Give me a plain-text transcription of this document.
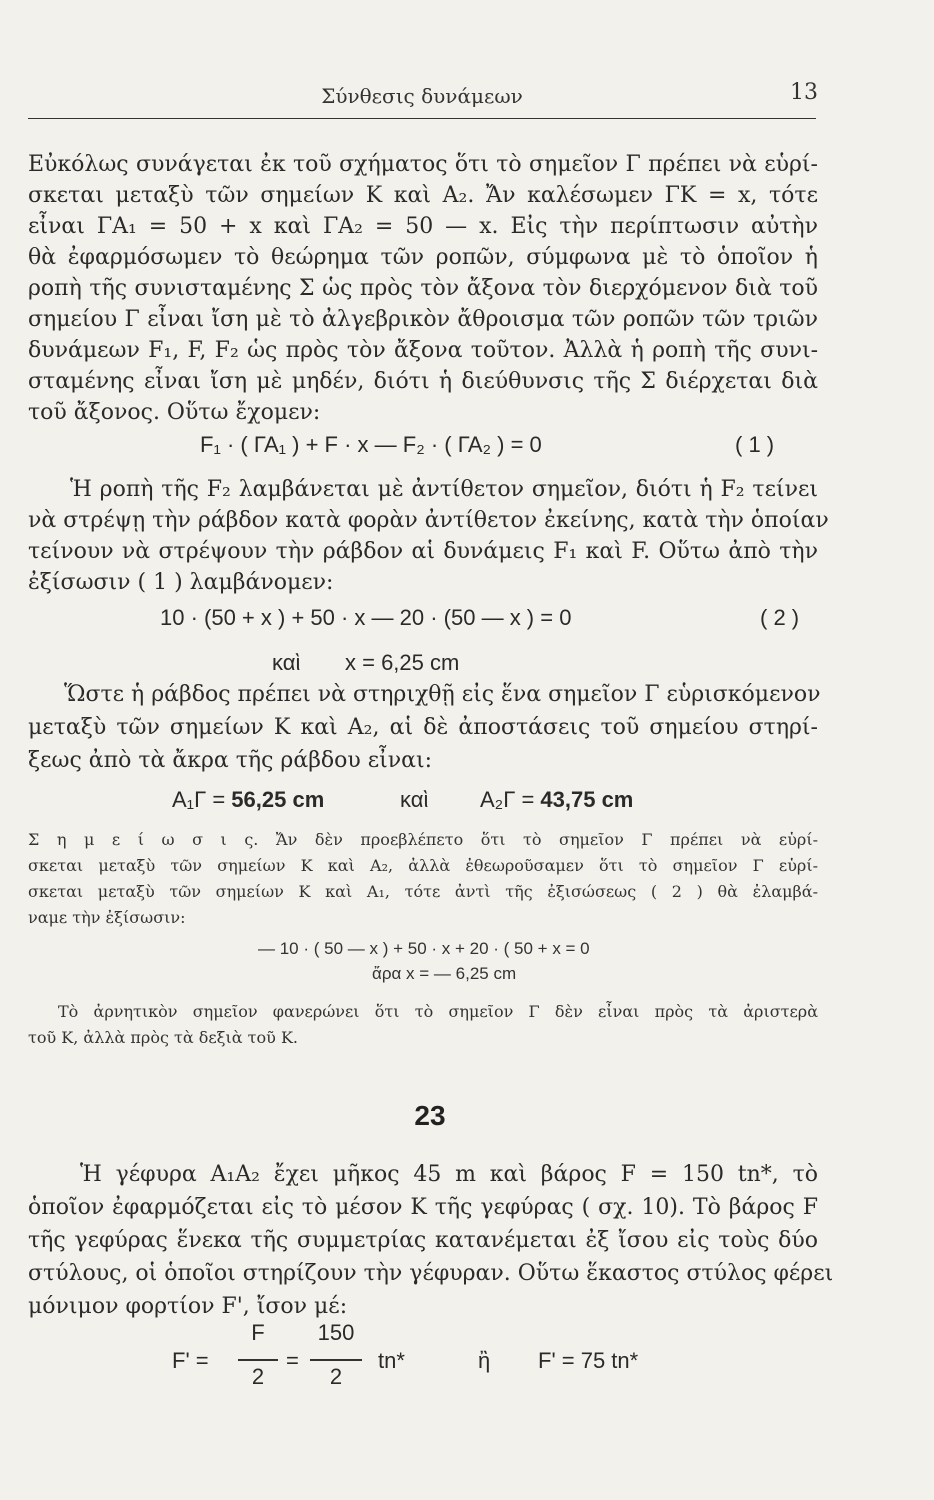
Σύνθεσις δυνάμεων	13
Εὐκόλως συνάγεται ἐκ τοῦ σχήματος ὅτι τὸ σημεῖον Γ πρέπει νὰ εὑρί-
σκεται μεταξὺ τῶν σημείων Κ καὶ Α₂. Ἄν καλέσωμεν ΓΚ = x, τότε
εἶναι ΓΑ₁ = 50 + x καὶ ΓΑ₂ = 50 — x. Εἰς τὴν περίπτωσιν αὐτὴν
θὰ ἐφαρμόσωμεν τὸ θεώρημα τῶν ροπῶν, σύμφωνα μὲ τὸ ὁποῖον ἡ
ροπὴ τῆς συνισταμένης Σ ὡς πρὸς τὸν ἄξονα τὸν διερχόμενον διὰ τοῦ
σημείου Γ εἶναι ἴση μὲ τὸ ἀλγεβρικὸν ἄθροισμα τῶν ροπῶν τῶν τριῶν
δυνάμεων F₁, F, F₂ ὡς πρὸς τὸν ἄξονα τοῦτον. Ἀλλὰ ἡ ροπὴ τῆς συνι-
σταμένης εἶναι ἴση μὲ μηδέν, διότι ἡ διεύθυνσις τῆς Σ διέρχεται διὰ
τοῦ ἄξονος. Οὕτω ἔχομεν:
F₁ · ( ΓΑ₁ ) + F · x — F₂ · ( ΓΑ₂ ) = 0	( 1 )
Ἡ ροπὴ τῆς F₂ λαμβάνεται μὲ ἀντίθετον σημεῖον, διότι ἡ F₂ τείνει
νὰ στρέψῃ τὴν ράβδον κατὰ φορὰν ἀντίθετον ἐκείνης, κατὰ τὴν ὁποίαν
τείνουν νὰ στρέψουν τὴν ράβδον αἱ δυνάμεις F₁ καὶ F. Οὕτω ἀπὸ τὴν
ἐξίσωσιν ( 1 ) λαμβάνομεν:
10 · (50 + x ) + 50 · x — 20 · (50 — x ) = 0	( 2 )
καὶ x = 6,25 cm
Ὥστε ἡ ράβδος πρέπει νὰ στηριχθῇ εἰς ἕνα σημεῖον Γ εὑρισκόμενον
μεταξὺ τῶν σημείων Κ καὶ Α₂, αἱ δὲ ἀποστάσεις τοῦ σημείου στηρί-
ξεως ἀπὸ τὰ ἄκρα τῆς ράβδου εἶναι:
Α₁Γ = 56,25 cm	καὶ Α₂Γ = 43,75 cm
Σ η μ ε ί ω σ ι ς. Ἄν δὲν προεβλέπετο ὅτι τὸ σημεῖον Γ πρέπει νὰ εὑρί-
σκεται μεταξὺ τῶν σημείων Κ καὶ Α₂, ἀλλὰ ἐθεωροῦσαμεν ὅτι τὸ σημεῖον Γ εὑρί-
σκεται μεταξὺ τῶν σημείων Κ καὶ Α₁, τότε ἀντὶ τῆς ἐξισώσεως ( 2 ) θὰ ἐλαμβά-
ναμε τὴν ἐξίσωσιν:
— 10 · ( 50 — x ) + 50 · x + 20 · ( 50 + x = 0
ἄρα x = — 6,25 cm
Τὸ ἀρνητικὸν σημεῖον φανερώνει ὅτι τὸ σημεῖον Γ δὲν εἶναι πρὸς τὰ ἀριστερὰ
τοῦ Κ, ἀλλὰ πρὸς τὰ δεξιὰ τοῦ Κ.
23
Ἡ γέφυρα Α₁Α₂ ἔχει μῆκος 45 m καὶ βάρος F = 150 tn*, τὸ
ὁποῖον ἐφαρμόζεται εἰς τὸ μέσον Κ τῆς γεφύρας ( σχ. 10). Τὸ βάρος F
τῆς γεφύρας ἕνεκα τῆς συμμετρίας κατανέμεται ἐξ ἴσου εἰς τοὺς δύο
στύλους, οἱ ὁποῖοι στηρίζουν τὴν γέφυραν. Οὕτω ἕκαστος στύλος φέρει
μόνιμον φορτίον F', ἴσον μέ:
F' =
F
2
=
150
2
tn*	ἢ F' = 75 tn*
